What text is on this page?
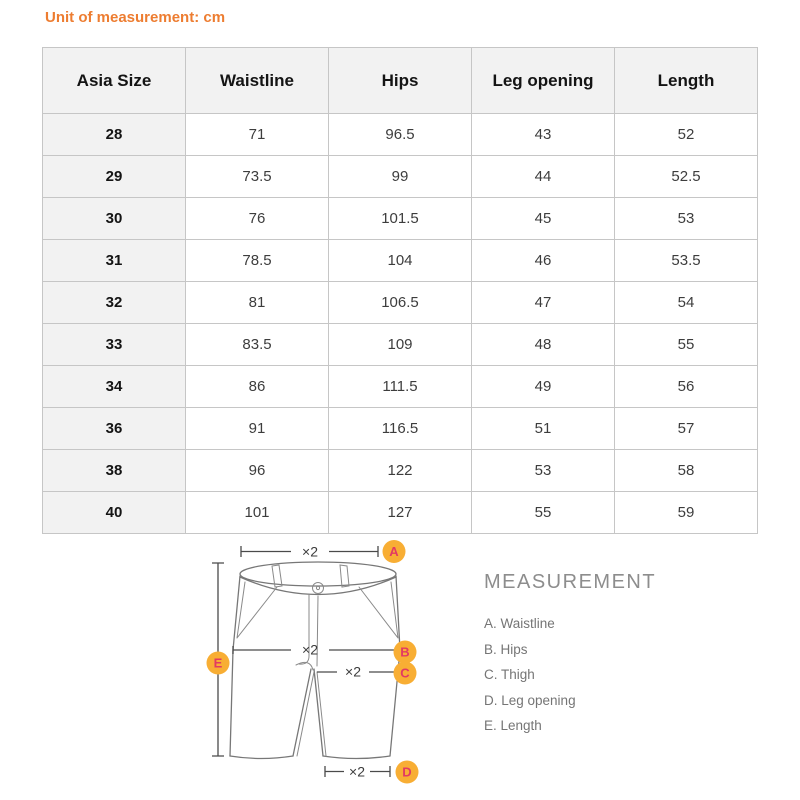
Unit of measurement: cm
Asia Size	Waistline	Hips	Leg opening	Length
28	71	96.5	43	52
29	73.5	99	44	52.5
30	76	101.5	45	53
31	78.5	104	46	53.5
32	81	106.5	47	54
33	83.5	109	48	55
34	86	111.5	49	56
36	91	116.5	51	57
38	96	122	53	58
40	101	127	55	59
×2
×2
×2
×2
A
B
C
D
E
MEASUREMENT
A. Waistline
B. Hips
C. Thigh
D. Leg opening
E. Length
